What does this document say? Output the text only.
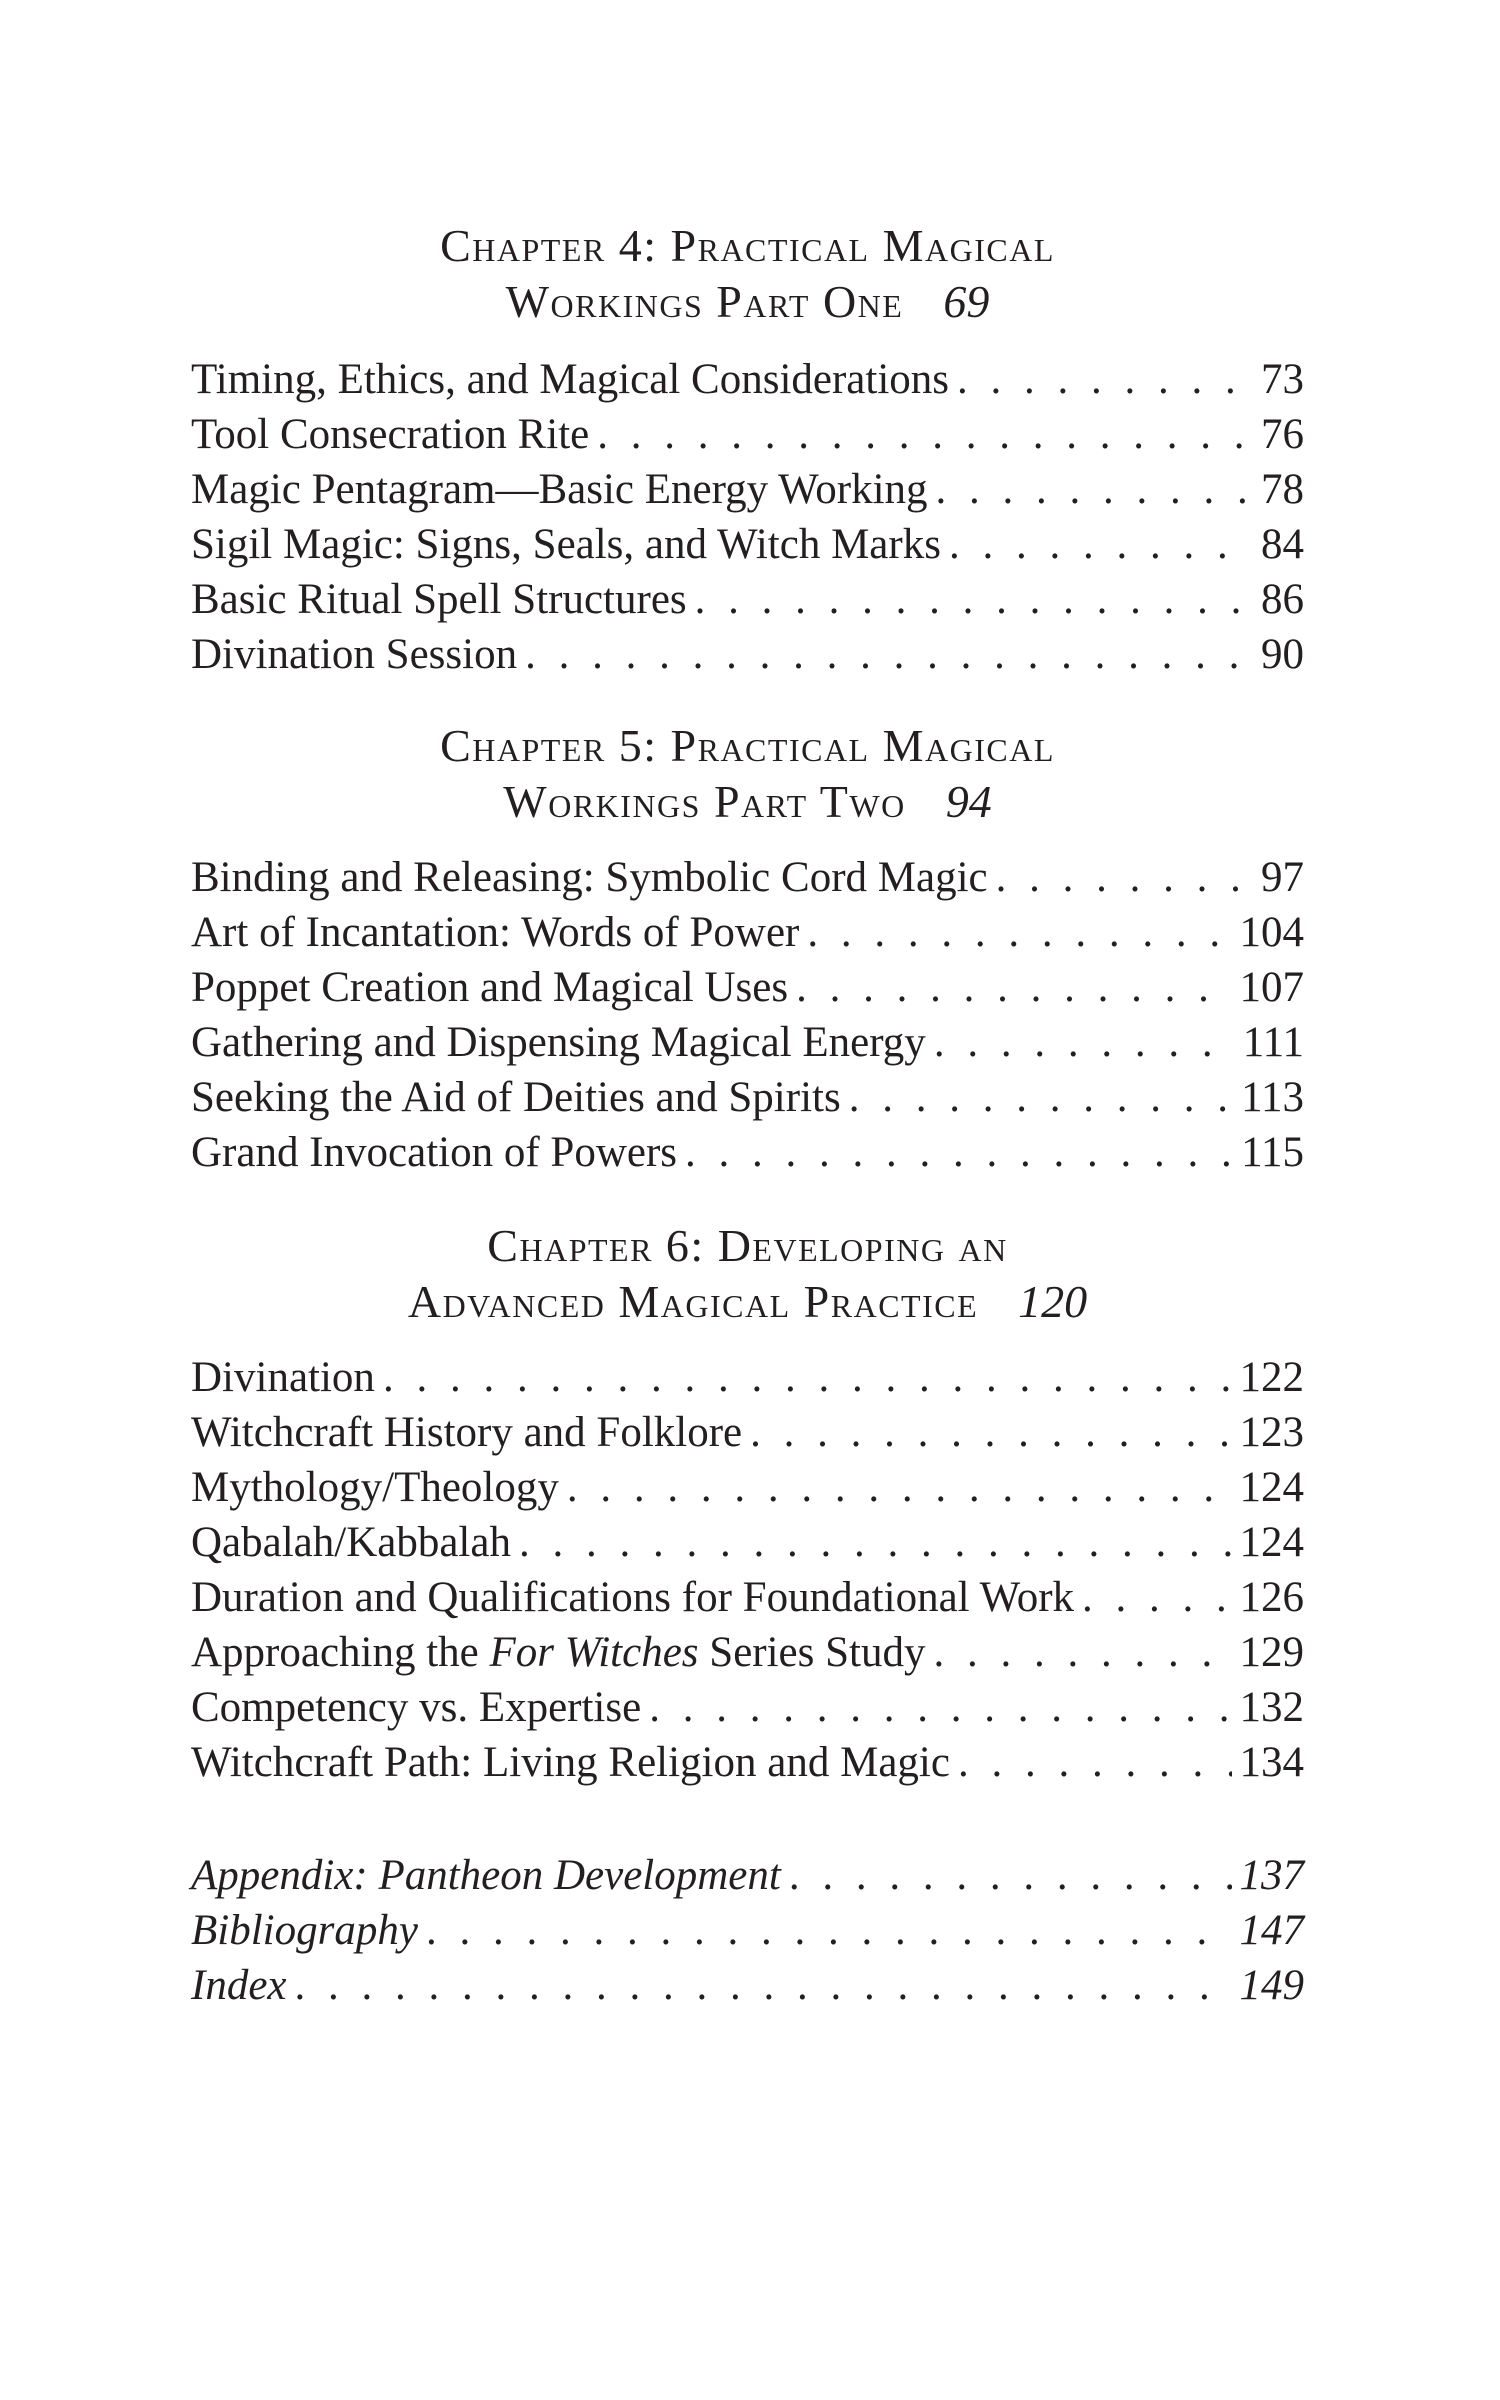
Chapter 4: Practical Magical
Workings Part One 69
Timing, Ethics, and Magical Considerations . . .	73
Tool Consecration Rite . . .	76
Magic Pentagram—Basic Energy Working . . .	78
Sigil Magic: Signs, Seals, and Witch Marks . . .	84
Basic Ritual Spell Structures . . .	86
Divination Session . . .	90
Chapter 5: Practical Magical
Workings Part Two 94
Binding and Releasing: Symbolic Cord Magic . . .	97
Art of Incantation: Words of Power . . .	104
Poppet Creation and Magical Uses . . .	107
Gathering and Dispensing Magical Energy . . .	111
Seeking the Aid of Deities and Spirits . . .	113
Grand Invocation of Powers . . .	115
Chapter 6: Developing an
Advanced Magical Practice 120
Divination . . .	122
Witchcraft History and Folklore . . .	123
Mythology/Theology . . .	124
Qabalah/Kabbalah . . .	124
Duration and Qualifications for Foundational Work . . .	126
Approaching the For Witches Series Study . . .	129
Competency vs. Expertise . . .	132
Witchcraft Path: Living Religion and Magic . . .	134
Appendix: Pantheon Development . . .	137
Bibliography . . .	147
Index . . .	149
